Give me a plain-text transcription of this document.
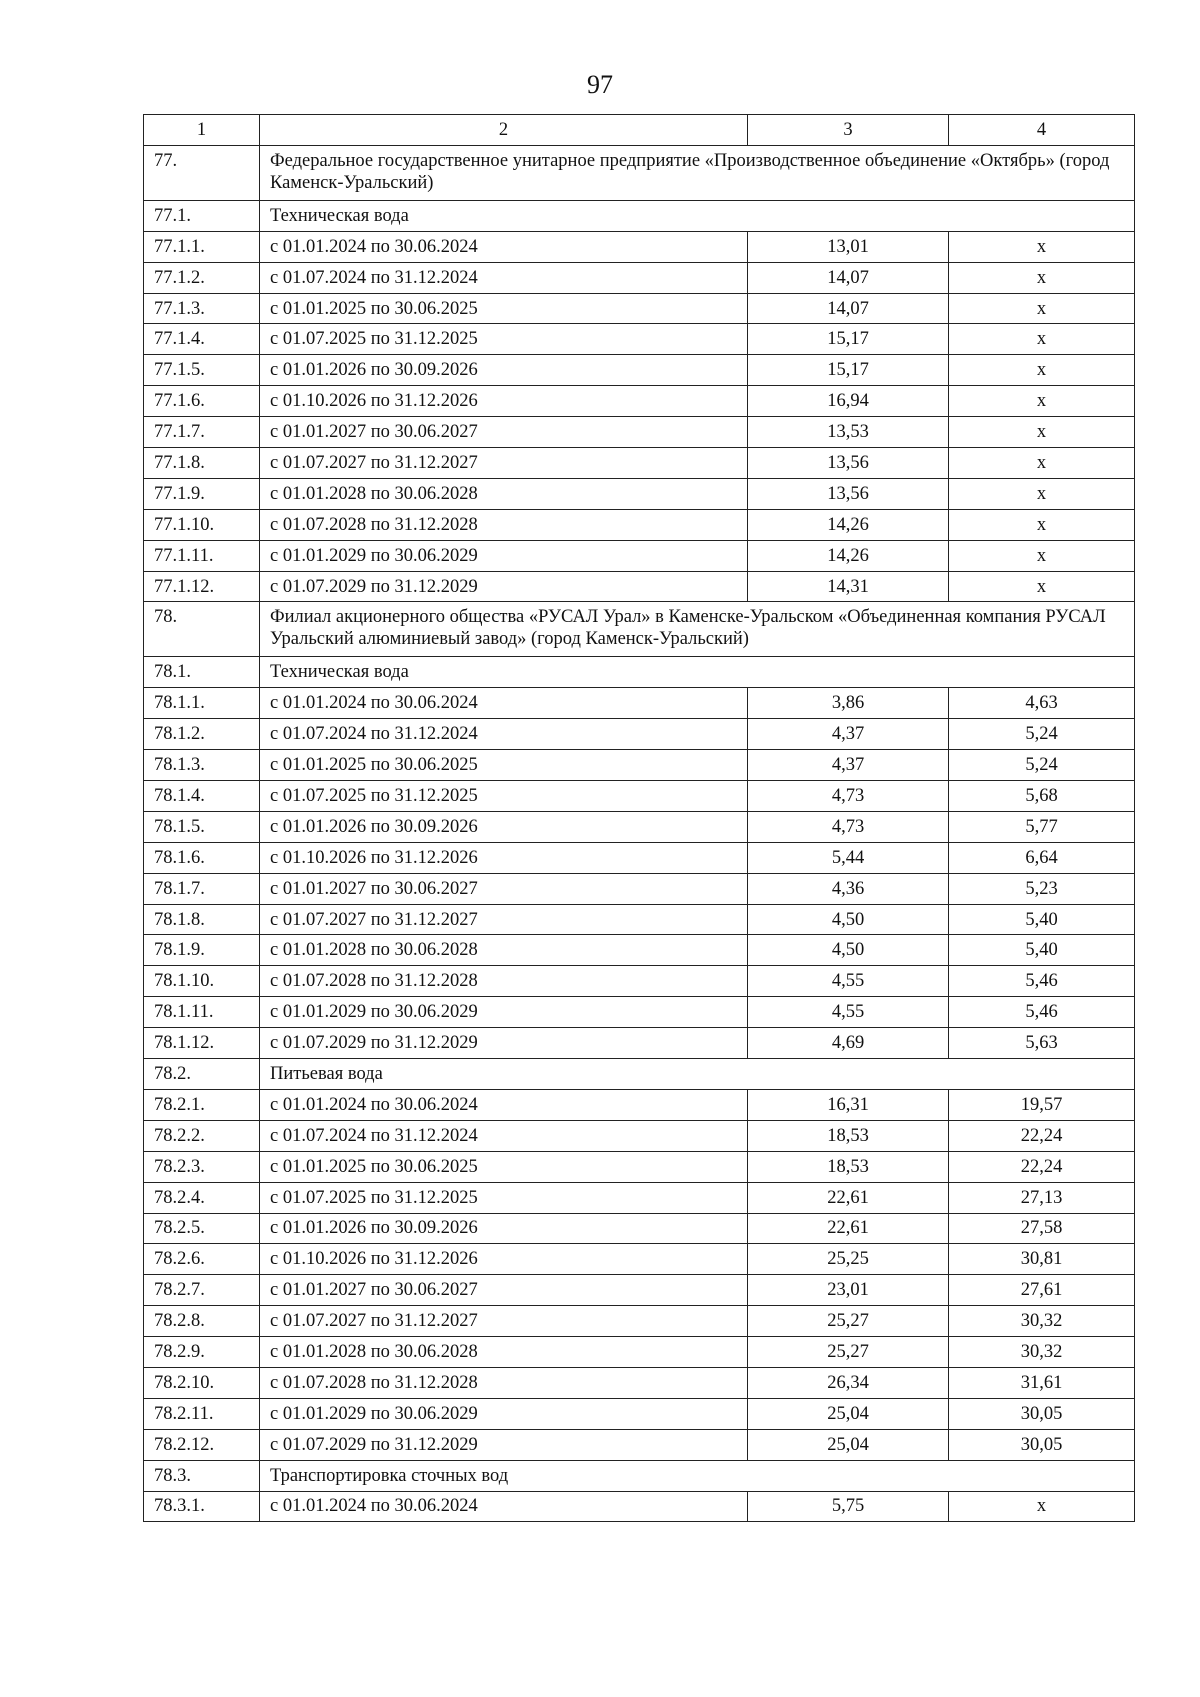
97
1	2	3	4
77.	Федеральное государственное унитарное предприятие «Производственное объединение «Октябрь» (город Каменск-Уральский)		
77.1.	Техническая вода		
77.1.1.	с 01.01.2024 по 30.06.2024	13,01	х
77.1.2.	с 01.07.2024 по 31.12.2024	14,07	х
77.1.3.	с 01.01.2025 по 30.06.2025	14,07	х
77.1.4.	с 01.07.2025 по 31.12.2025	15,17	х
77.1.5.	с 01.01.2026 по 30.09.2026	15,17	х
77.1.6.	с 01.10.2026 по 31.12.2026	16,94	х
77.1.7.	с 01.01.2027 по 30.06.2027	13,53	х
77.1.8.	с 01.07.2027 по 31.12.2027	13,56	х
77.1.9.	с 01.01.2028 по 30.06.2028	13,56	х
77.1.10.	с 01.07.2028 по 31.12.2028	14,26	х
77.1.11.	с 01.01.2029 по 30.06.2029	14,26	х
77.1.12.	с 01.07.2029 по 31.12.2029	14,31	х
78.	Филиал акционерного общества «РУСАЛ Урал» в Каменске-Уральском «Объединенная компания РУСАЛ Уральский алюминиевый завод» (город Каменск-Уральский)		
78.1.	Техническая вода		
78.1.1.	с 01.01.2024 по 30.06.2024	3,86	4,63
78.1.2.	с 01.07.2024 по 31.12.2024	4,37	5,24
78.1.3.	с 01.01.2025 по 30.06.2025	4,37	5,24
78.1.4.	с 01.07.2025 по 31.12.2025	4,73	5,68
78.1.5.	с 01.01.2026 по 30.09.2026	4,73	5,77
78.1.6.	с 01.10.2026 по 31.12.2026	5,44	6,64
78.1.7.	с 01.01.2027 по 30.06.2027	4,36	5,23
78.1.8.	с 01.07.2027 по 31.12.2027	4,50	5,40
78.1.9.	с 01.01.2028 по 30.06.2028	4,50	5,40
78.1.10.	с 01.07.2028 по 31.12.2028	4,55	5,46
78.1.11.	с 01.01.2029 по 30.06.2029	4,55	5,46
78.1.12.	с 01.07.2029 по 31.12.2029	4,69	5,63
78.2.	Питьевая вода		
78.2.1.	с 01.01.2024 по 30.06.2024	16,31	19,57
78.2.2.	с 01.07.2024 по 31.12.2024	18,53	22,24
78.2.3.	с 01.01.2025 по 30.06.2025	18,53	22,24
78.2.4.	с 01.07.2025 по 31.12.2025	22,61	27,13
78.2.5.	с 01.01.2026 по 30.09.2026	22,61	27,58
78.2.6.	с 01.10.2026 по 31.12.2026	25,25	30,81
78.2.7.	с 01.01.2027 по 30.06.2027	23,01	27,61
78.2.8.	с 01.07.2027 по 31.12.2027	25,27	30,32
78.2.9.	с 01.01.2028 по 30.06.2028	25,27	30,32
78.2.10.	с 01.07.2028 по 31.12.2028	26,34	31,61
78.2.11.	с 01.01.2029 по 30.06.2029	25,04	30,05
78.2.12.	с 01.07.2029 по 31.12.2029	25,04	30,05
78.3.	Транспортировка сточных вод		
78.3.1.	с 01.01.2024 по 30.06.2024	5,75	х
